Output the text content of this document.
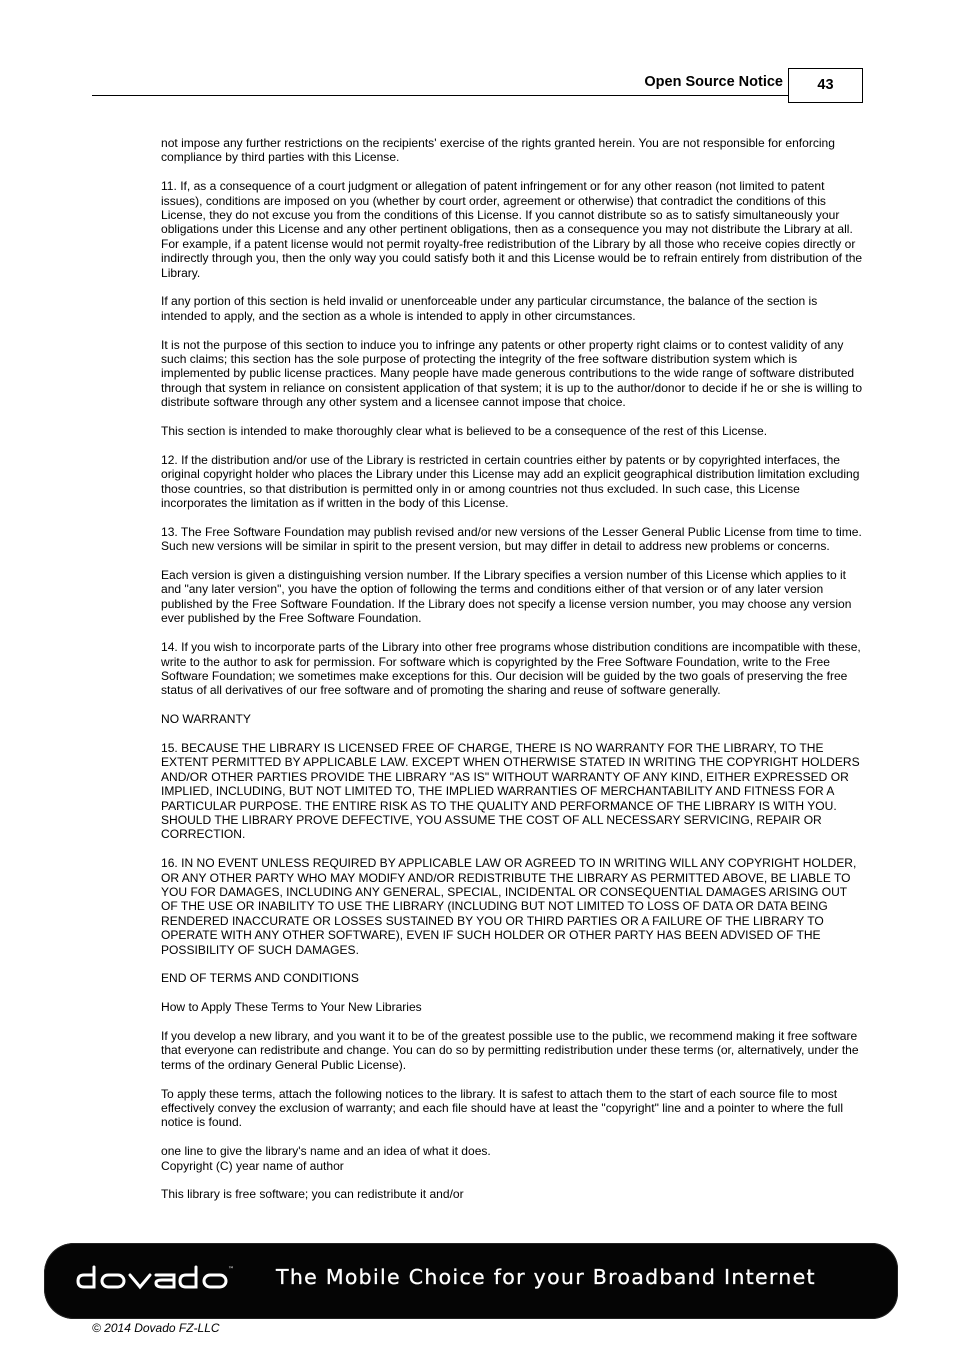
Open Source Notice	43

not impose any further restrictions on the recipients' exercise of the rights granted herein. You are not responsible for enforcing compliance by third parties with this License.

11. If, as a consequence of a court judgment or allegation of patent infringement or for any other reason (not limited to patent issues), conditions are imposed on you (whether by court order, agreement or otherwise) that contradict the conditions of this License, they do not excuse you from the conditions of this License. If you cannot distribute so as to satisfy simultaneously your obligations under this License and any other pertinent obligations, then as a consequence you may not distribute the Library at all. For example, if a patent license would not permit royalty-free redistribution of the Library by all those who receive copies directly or indirectly through you, then the only way you could satisfy both it and this License would be to refrain entirely from distribution of the Library.

If any portion of this section is held invalid or unenforceable under any particular circumstance, the balance of the section is intended to apply, and the section as a whole is intended to apply in other circumstances.

It is not the purpose of this section to induce you to infringe any patents or other property right claims or to contest validity of any such claims; this section has the sole purpose of protecting the integrity of the free software distribution system which is implemented by public license practices. Many people have made generous contributions to the wide range of software distributed through that system in reliance on consistent application of that system; it is up to the author/donor to decide if he or she is willing to distribute software through any other system and a licensee cannot impose that choice.

This section is intended to make thoroughly clear what is believed to be a consequence of the rest of this License.

12. If the distribution and/or use of the Library is restricted in certain countries either by patents or by copyrighted interfaces, the original copyright holder who places the Library under this License may add an explicit geographical distribution limitation excluding those countries, so that distribution is permitted only in or among countries not thus excluded. In such case, this License incorporates the limitation as if written in the body of this License.

13. The Free Software Foundation may publish revised and/or new versions of the Lesser General Public License from time to time. Such new versions will be similar in spirit to the present version, but may differ in detail to address new problems or concerns.

Each version is given a distinguishing version number. If the Library specifies a version number of this License which applies to it and "any later version", you have the option of following the terms and conditions either of that version or of any later version published by the Free Software Foundation. If the Library does not specify a license version number, you may choose any version ever published by the Free Software Foundation.

14. If you wish to incorporate parts of the Library into other free programs whose distribution conditions are incompatible with these, write to the author to ask for permission. For software which is copyrighted by the Free Software Foundation, write to the Free Software Foundation; we sometimes make exceptions for this. Our decision will be guided by the two goals of preserving the free status of all derivatives of our free software and of promoting the sharing and reuse of software generally.

NO WARRANTY

15. BECAUSE THE LIBRARY IS LICENSED FREE OF CHARGE, THERE IS NO WARRANTY FOR THE LIBRARY, TO THE EXTENT PERMITTED BY APPLICABLE LAW. EXCEPT WHEN OTHERWISE STATED IN WRITING THE COPYRIGHT HOLDERS AND/OR OTHER PARTIES PROVIDE THE LIBRARY "AS IS" WITHOUT WARRANTY OF ANY KIND, EITHER EXPRESSED OR IMPLIED, INCLUDING, BUT NOT LIMITED TO, THE IMPLIED WARRANTIES OF MERCHANTABILITY AND FITNESS FOR A PARTICULAR PURPOSE. THE ENTIRE RISK AS TO THE QUALITY AND PERFORMANCE OF THE LIBRARY IS WITH YOU. SHOULD THE LIBRARY PROVE DEFECTIVE, YOU ASSUME THE COST OF ALL NECESSARY SERVICING, REPAIR OR CORRECTION.

16. IN NO EVENT UNLESS REQUIRED BY APPLICABLE LAW OR AGREED TO IN WRITING WILL ANY COPYRIGHT HOLDER, OR ANY OTHER PARTY WHO MAY MODIFY AND/OR REDISTRIBUTE THE LIBRARY AS PERMITTED ABOVE, BE LIABLE TO YOU FOR DAMAGES, INCLUDING ANY GENERAL, SPECIAL, INCIDENTAL OR CONSEQUENTIAL DAMAGES ARISING OUT OF THE USE OR INABILITY TO USE THE LIBRARY (INCLUDING BUT NOT LIMITED TO LOSS OF DATA OR DATA BEING RENDERED INACCURATE OR LOSSES SUSTAINED BY YOU OR THIRD PARTIES OR A FAILURE OF THE LIBRARY TO OPERATE WITH ANY OTHER SOFTWARE), EVEN IF SUCH HOLDER OR OTHER PARTY HAS BEEN ADVISED OF THE POSSIBILITY OF SUCH DAMAGES.

END OF TERMS AND CONDITIONS

How to Apply These Terms to Your New Libraries

If you develop a new library, and you want it to be of the greatest possible use to the public, we recommend making it free software that everyone can redistribute and change. You can do so by permitting redistribution under these terms (or, alternatively, under the terms of the ordinary General Public License).

To apply these terms, attach the following notices to the library. It is safest to attach them to the start of each source file to most effectively convey the exclusion of warranty; and each file should have at least the "copyright" line and a pointer to where the full notice is found.

one line to give the library's name and an idea of what it does.

Copyright (C) year name of author

This library is free software; you can redistribute it and/or

™ The Mobile Choice for your Broadband Internet
© 2014 Dovado FZ-LLC
